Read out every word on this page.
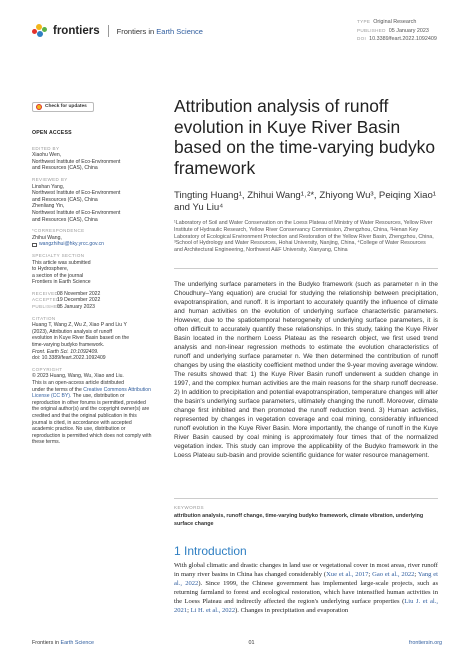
frontiers Frontiers in Earth Science
TYPE Original Research
PUBLISHED 05 January 2023
DOI 10.3389/feart.2022.1092409
Check for updates
OPEN ACCESS
EDITED BY
Xiaohu Wen,
Northwest Institute of Eco-Environment
and Resources (CAS), China
REVIEWED BY
Linshan Yang,
Northwest Institute of Eco-Environment
and Resources (CAS), China
Zhenliang Yin,
Northwest Institute of Eco-Environment
and Resources (CAS), China
*CORRESPONDENCE
Zhihui Wang,
wangzhihui@hky.yrcc.gov.cn
SPECIALTY SECTION
This article was submitted
to Hydrosphere,
a section of the journal
Frontiers in Earth Science
RECEIVED
08 November 2022
ACCEPTED
19 December 2022
PUBLISHED
05 January 2023
CITATION
Huang T, Wang Z, Wu Z, Xiao P and Liu Y
(2023), Attribution analysis of runoff
evolution in Kuye River Basin based on the
time-varying budyko framework.
Front. Earth Sci. 10:1092409.
doi: 10.3389/feart.2022.1092409
COPYRIGHT
© 2023 Huang, Wang, Wu, Xiao and Liu.
This is an open-access article distributed
under the terms of the Creative Commons Attribution License (CC BY). The use, distribution or reproduction in other forums is permitted, provided the original author(s) and the copyright owner(s) are credited and that the original publication in this journal is cited, in accordance with accepted academic practice. No use, distribution or reproduction is permitted which does not comply with these terms.
Attribution analysis of runoff evolution in Kuye River Basin based on the time-varying budyko framework
Tingting Huang¹, Zhihui Wang¹˒²*, Zhiyong Wu³, Peiqing Xiao¹ and Yu Liu⁴
¹Laboratory of Soil and Water Conservation on the Loess Plateau of Ministry of Water Resources, Yellow River Institute of Hydraulic Research, Yellow River Conservancy Commission, Zhengzhou, China, ²Henan Key Laboratory of Ecological Environment Protection and Restoration of the Yellow River Basin, Zhengzhou, China, ³School of Hydrology and Water Resources, Hohai University, Nanjing, China, ⁴College of Water Resources and Architectural Engineering, Northwest A&F University, Xianyang, China
The underlying surface parameters in the Budyko framework (such as parameter n in the Choudhury–Yang equation) are crucial for studying the relationship between precipitation, evapotranspiration, and runoff. It is important to accurately quantify the influence of climate and human activities on the evolution of underlying surface characteristic parameters. However, due to the spatiotemporal heterogeneity of underlying surface parameters, it is often difficult to accurately quantify these relationships. In this study, taking the Kuye River Basin located in the northern Loess Plateau as the research object, we first used trend analysis and non-linear regression methods to estimate the evolution characteristics of runoff and underlying surface parameter n. We then determined the contribution of runoff changes by using the elasticity coefficient method under the 9-year moving average window. The results showed that: 1) the Kuye River Basin runoff underwent a sudden change in 1997, and the complex human activities are the main reasons for the sharp runoff decrease. 2) In addition to precipitation and potential evapotranspiration, temperature changes will alter the basin's underlying surface parameters, ultimately changing the runoff. Moreover, climate change first inhibited and then promoted the runoff reduction trend. 3) Human activities, represented by changes in vegetation coverage and coal mining, considerably influenced runoff evolution in the Kuye River Basin. More importantly, the change of runoff in the Kuye River Basin caused by coal mining is approximately four times that of the normalized vegetation index. This study can improve the applicability of the Budyko framework in the Loess Plateau sub-basin and provide scientific guidance for water resource management.
KEYWORDS
attribution analysis, runoff change, time-varying budyko framework, climate vibration, underlying surface change
1 Introduction
With global climatic and drastic changes in land use or vegetational cover in most areas, river runoff in many river basins in China has changed considerably (Xue et al., 2017; Gao et al., 2022; Yang et al., 2022). Since 1999, the Chinese government has implemented large-scale projects, such as returning farmland to forest and ecological restoration, which have intensified human activities in the Loess Plateau and indirectly affected the region's underlying surface properties (Liu J. et al., 2021; Li H. et al., 2022). Changes in precipitation and evaporation
Frontiers in Earth Science	01	frontiersin.org
